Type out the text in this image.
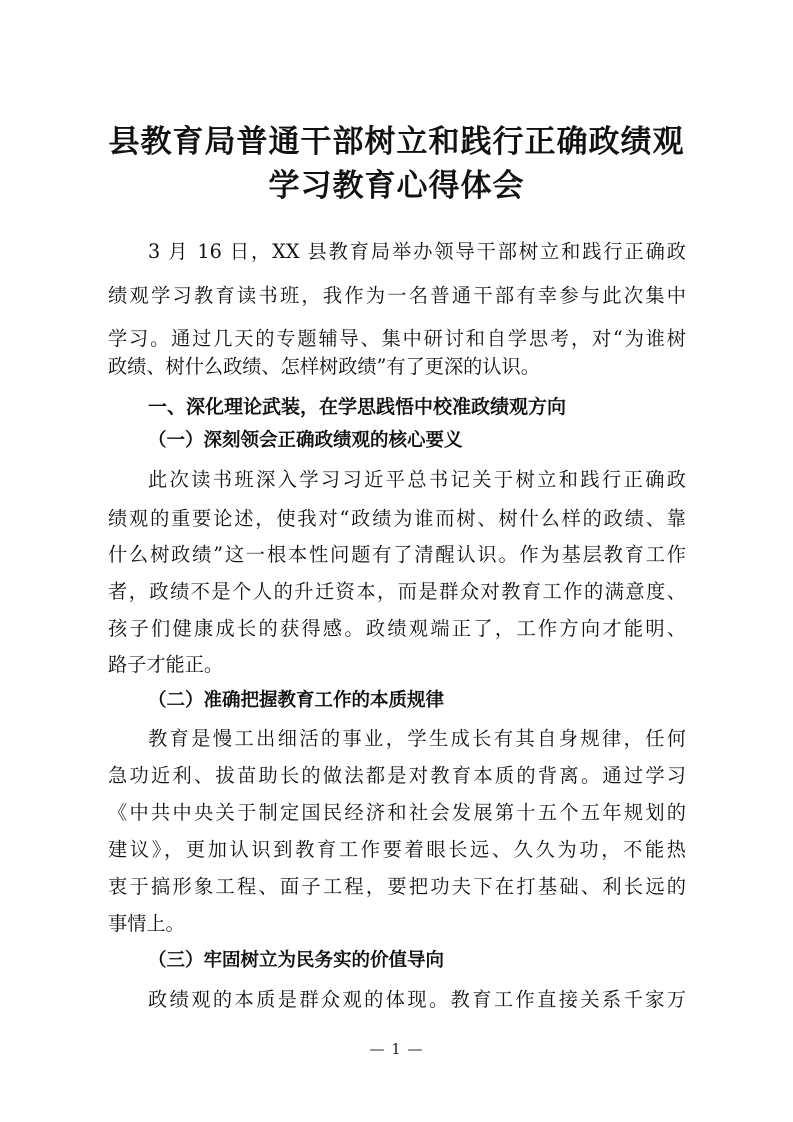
县教育局普通干部树立和践行正确政绩观
学习教育心得体会
3 月 16 日，XX 县教育局举办领导干部树立和践行正确政
绩观学习教育读书班，我作为一名普通干部有幸参与此次集中
学习。通过几天的专题辅导、集中研讨和自学思考，对“为谁树
政绩、树什么政绩、怎样树政绩”有了更深的认识。
一、深化理论武装，在学思践悟中校准政绩观方向
（一）深刻领会正确政绩观的核心要义
此次读书班深入学习习近平总书记关于树立和践行正确政
绩观的重要论述，使我对“政绩为谁而树、树什么样的政绩、靠
什么树政绩”这一根本性问题有了清醒认识。作为基层教育工作
者，政绩不是个人的升迁资本，而是群众对教育工作的满意度、
孩子们健康成长的获得感。政绩观端正了，工作方向才能明、
路子才能正。
（二）准确把握教育工作的本质规律
教育是慢工出细活的事业，学生成长有其自身规律，任何
急功近利、拔苗助长的做法都是对教育本质的背离。通过学习
《中共中央关于制定国民经济和社会发展第十五个五年规划的
建议》，更加认识到教育工作要着眼长远、久久为功，不能热
衷于搞形象工程、面子工程，要把功夫下在打基础、利长远的
事情上。
（三）牢固树立为民务实的价值导向
政绩观的本质是群众观的体现。教育工作直接关系千家万
— 1 —
